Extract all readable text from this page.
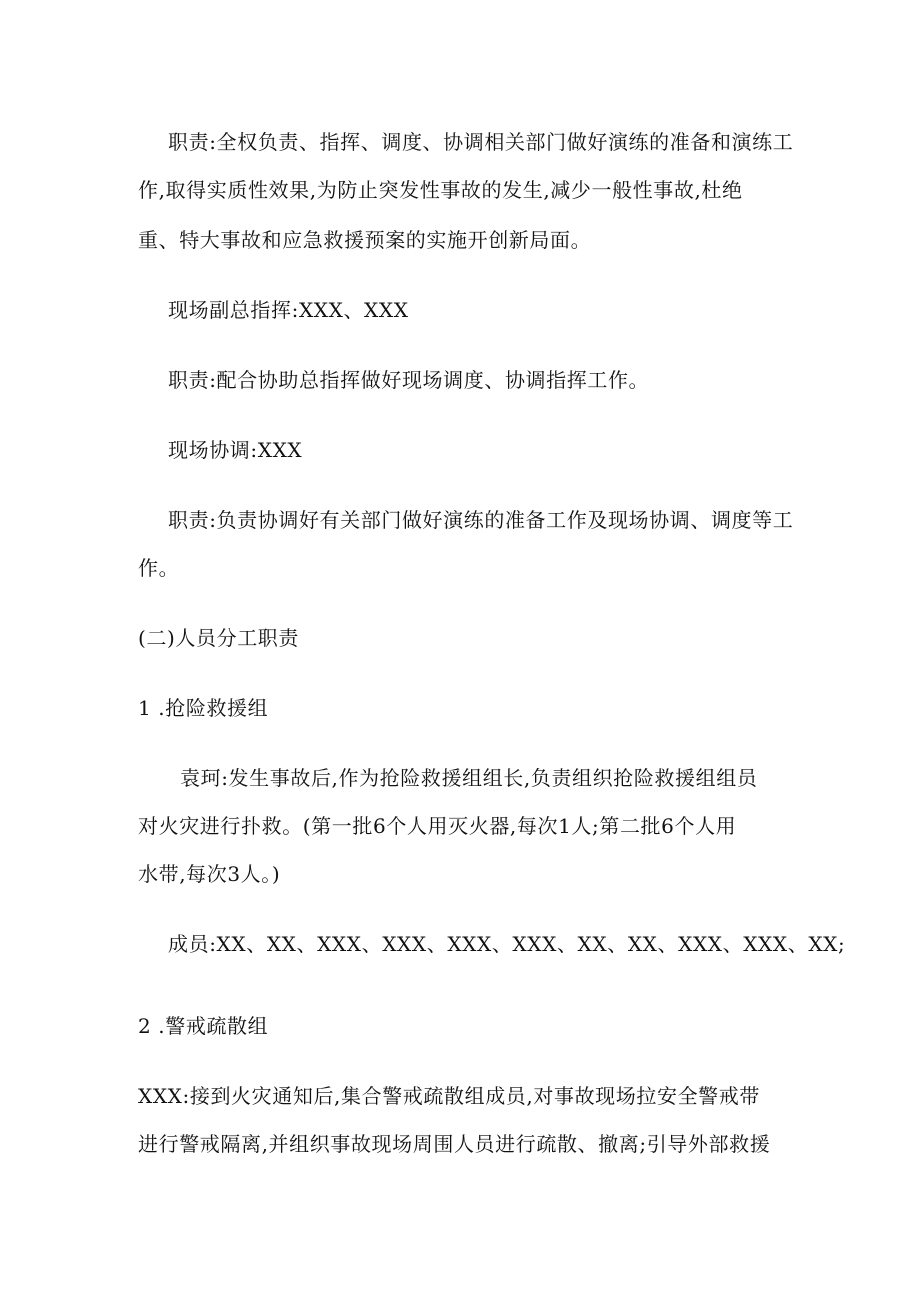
职责:全权负责、指挥、调度、协调相关部门做好演练的准备和演练工
作,取得实质性效果,为防止突发性事故的发生,减少一般性事故,杜绝
重、特大事故和应急救援预案的实施开创新局面。
现场副总指挥:XXX、XXX
职责:配合协助总指挥做好现场调度、协调指挥工作。
现场协调:XXX
职责:负责协调好有关部门做好演练的准备工作及现场协调、调度等工
作。
(二)人员分工职责
1 .抢险救援组
袁珂:发生事故后,作为抢险救援组组长,负责组织抢险救援组组员
对火灾进行扑救。(第一批6个人用灭火器,每次1人;第二批6个人用
水带,每次3人。)
成员:XX、XX、XXX、XXX、XXX、XXX、XX、XX、XXX、XXX、XX;
2 .警戒疏散组
XXX:接到火灾通知后,集合警戒疏散组成员,对事故现场拉安全警戒带
进行警戒隔离,并组织事故现场周围人员进行疏散、撤离;引导外部救援
